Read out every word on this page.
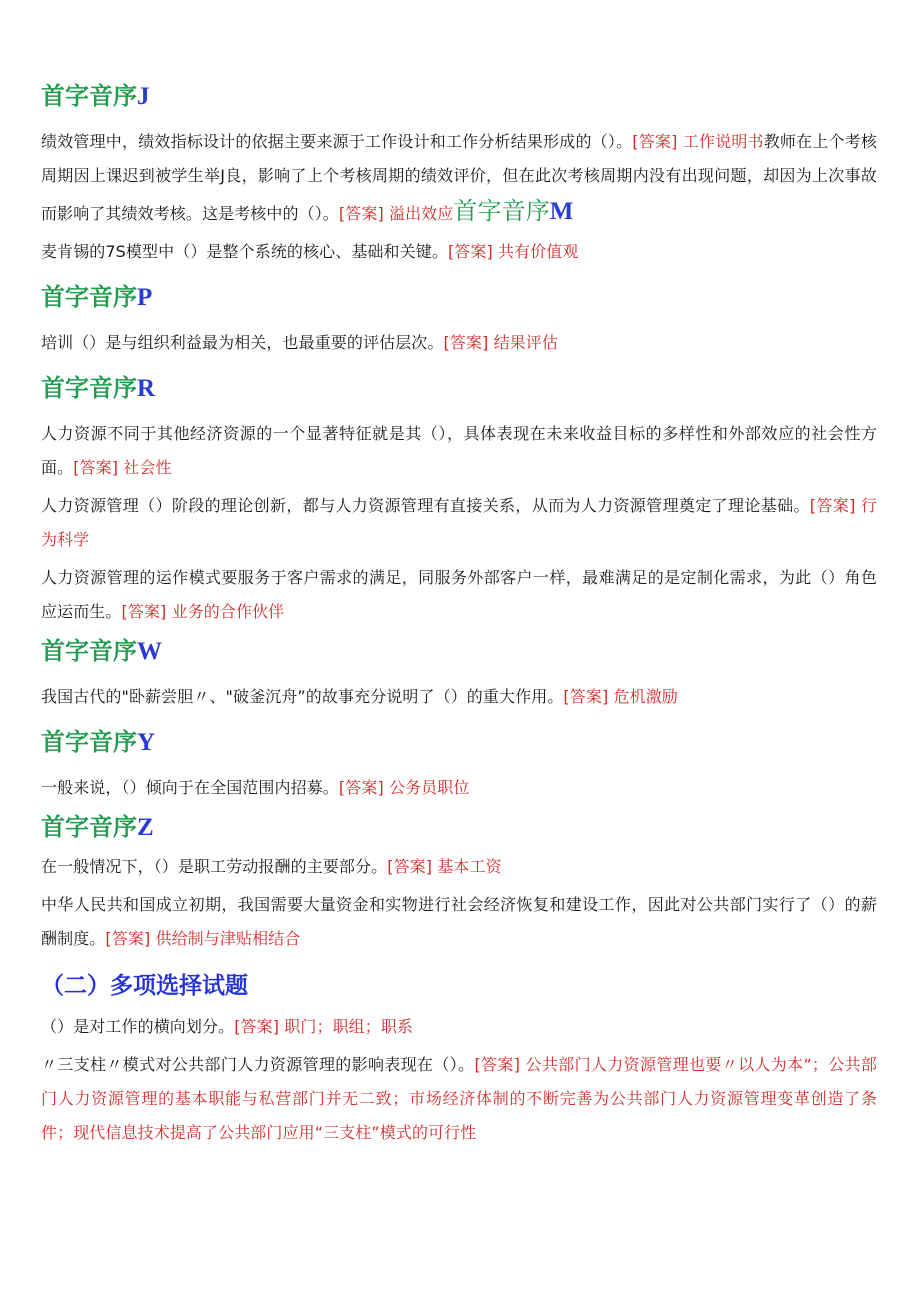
首字音序J

绩效管理中，绩效指标设计的依据主要来源于工作设计和工作分析结果形成的（）。[答案] 工作说明书教师在上个考核周期因上课迟到被学生举J良，影响了上个考核周期的绩效评价，但在此次考核周期内没有出现问题，却因为上次事故而影响了其绩效考核。这是考核中的（）。[答案] 溢出效应首字音序M

麦肯锡的7S模型中（）是整个系统的核心、基础和关键。[答案] 共有价值观

首字音序P

培训（）是与组织利益最为相关，也最重要的评估层次。[答案] 结果评估

首字音序R

人力资源不同于其他经济资源的一个显著特征就是其（），具体表现在未来收益目标的多样性和外部效应的社会性方面。[答案] 社会性

人力资源管理（）阶段的理论创新，都与人力资源管理有直接关系，从而为人力资源管理奠定了理论基础。[答案] 行为科学

人力资源管理的运作模式要服务于客户需求的满足，同服务外部客户一样，最难满足的是定制化需求，为此（）角色应运而生。[答案] 业务的合作伙伴

首字音序W

我国古代的"卧薪尝胆〃、"破釜沉舟”的故事充分说明了（）的重大作用。[答案] 危机激励

首字音序Y

一般来说，（）倾向于在全国范围内招募。[答案] 公务员职位

首字音序Z

在一般情况下，（）是职工劳动报酬的主要部分。[答案] 基本工资

中华人民共和国成立初期，我国需要大量资金和实物进行社会经济恢复和建设工作，因此对公共部门实行了（）的薪酬制度。[答案] 供给制与津贴相结合

（二）多项选择试题

（）是对工作的横向划分。[答案] 职门；职组；职系

〃三支柱〃模式对公共部门人力资源管理的影响表现在（）。[答案] 公共部门人力资源管理也要〃以人为本“；公共部门人力资源管理的基本职能与私营部门并无二致；市场经济体制的不断完善为公共部门人力资源管理变革创造了条件；现代信息技术提高了公共部门应用“三支柱”模式的可行性
